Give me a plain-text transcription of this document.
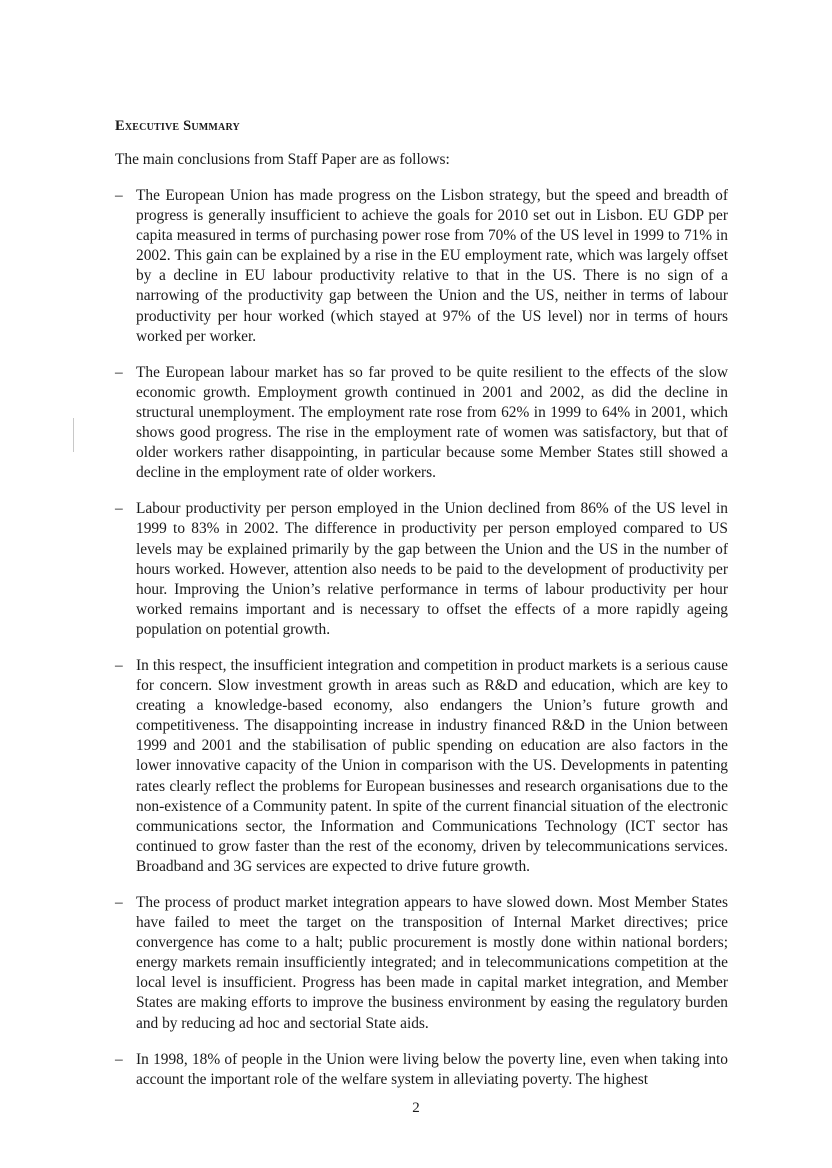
Executive Summary

The main conclusions from Staff Paper are as follows:

– The European Union has made progress on the Lisbon strategy, but the speed and breadth of progress is generally insufficient to achieve the goals for 2010 set out in Lisbon. EU GDP per capita measured in terms of purchasing power rose from 70% of the US level in 1999 to 71% in 2002. This gain can be explained by a rise in the EU employment rate, which was largely offset by a decline in EU labour productivity relative to that in the US. There is no sign of a narrowing of the productivity gap between the Union and the US, neither in terms of labour productivity per hour worked (which stayed at 97% of the US level) nor in terms of hours worked per worker.

– The European labour market has so far proved to be quite resilient to the effects of the slow economic growth. Employment growth continued in 2001 and 2002, as did the decline in structural unemployment. The employment rate rose from 62% in 1999 to 64% in 2001, which shows good progress. The rise in the employment rate of women was satisfactory, but that of older workers rather disappointing, in particular because some Member States still showed a decline in the employment rate of older workers.

– Labour productivity per person employed in the Union declined from 86% of the US level in 1999 to 83% in 2002. The difference in productivity per person employed compared to US levels may be explained primarily by the gap between the Union and the US in the number of hours worked. However, attention also needs to be paid to the development of productivity per hour. Improving the Union’s relative performance in terms of labour productivity per hour worked remains important and is necessary to offset the effects of a more rapidly ageing population on potential growth.

– In this respect, the insufficient integration and competition in product markets is a serious cause for concern. Slow investment growth in areas such as R&D and education, which are key to creating a knowledge-based economy, also endangers the Union’s future growth and competitiveness. The disappointing increase in industry financed R&D in the Union between 1999 and 2001 and the stabilisation of public spending on education are also factors in the lower innovative capacity of the Union in comparison with the US. Developments in patenting rates clearly reflect the problems for European businesses and research organisations due to the non-existence of a Community patent. In spite of the current financial situation of the electronic communications sector, the Information and Communications Technology (ICT sector has continued to grow faster than the rest of the economy, driven by telecommunications services. Broadband and 3G services are expected to drive future growth.

– The process of product market integration appears to have slowed down. Most Member States have failed to meet the target on the transposition of Internal Market directives; price convergence has come to a halt; public procurement is mostly done within national borders; energy markets remain insufficiently integrated; and in telecommunications competition at the local level is insufficient. Progress has been made in capital market integration, and Member States are making efforts to improve the business environment by easing the regulatory burden and by reducing ad hoc and sectorial State aids.

– In 1998, 18% of people in the Union were living below the poverty line, even when taking into account the important role of the welfare system in alleviating poverty. The highest

2
